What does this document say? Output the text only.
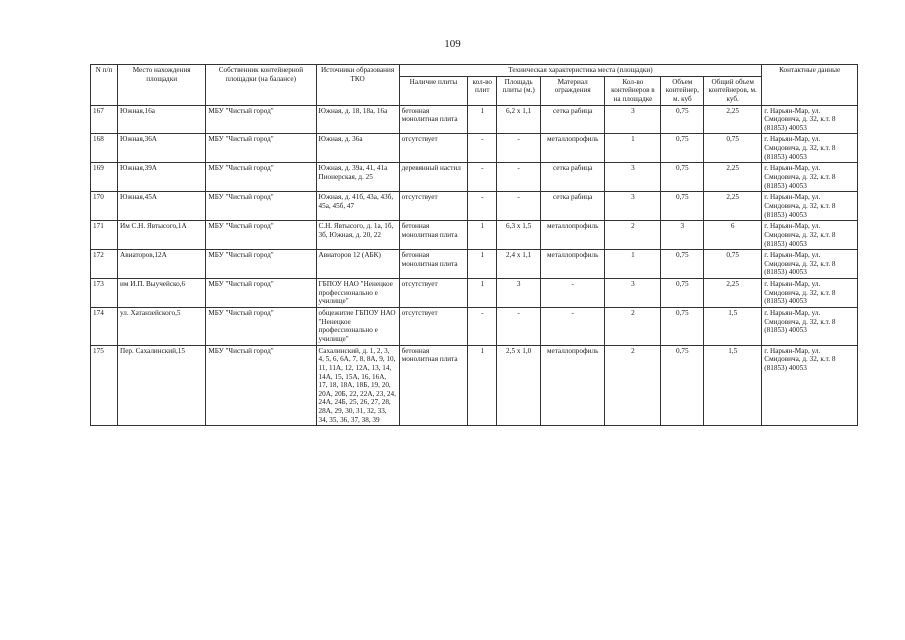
109
N п/п	Место нахождения площадки	Собственник контейнерной площадки (на балансе)	Источники образования ТКО	Техническая характеристика места (площадки)							Контактные данные
				Наличие плиты	кол-во плит	Площадь плиты (м.)	Материал ограждения	Кол-во контейнеров в на площадке	Объем контейнер, м. куб	Общий объем контейнеров, м. куб.	
167	Южная,16а	МБУ "Чистый город"	Южная, д. 18, 18а, 16а	бетонная монолитная плита	1	6,2 x 1,1	сетка рабица	3	0,75	2,25	г. Нарьян-Мар, ул. Смидовича, д. 32, к.т. 8 (81853) 40053
168	Южная,36А	МБУ "Чистый город"	Южная, д. 36а	отсутствует	-	-	металлопрофиль	1	0,75	0,75	г. Нарьян-Мар, ул. Смидовича, д. 32, к.т. 8 (81853) 40053
169	Южная,39А	МБУ "Чистый город"	Южная, д. 39а, 41, 41а Пионерская, д. 25	деревянный настил	-	-	сетка рабица	3	0,75	2,25	г. Нарьян-Мар, ул. Смидовича, д. 32, к.т. 8 (81853) 40053
170	Южная,45А	МБУ "Чистый город"	Южная, д. 41б, 43а, 43б, 45а, 45б, 47	отсутствует	-	-	сетка рабица	3	0,75	2,25	г. Нарьян-Мар, ул. Смидовича, д. 32, к.т. 8 (81853) 40053
171	Им С.Н. Явтысого,1А	МБУ "Чистый город"	С.Н. Явтысого, д. 1а, 1б, 3б, Южная, д. 20, 22	бетонная монолитная плита	1	6,3 x 1,5	металлопрофиль	2	3	6	г. Нарьян-Мар, ул. Смидовича, д. 32, к.т. 8 (81853) 40053
172	Авиаторов,12А	МБУ "Чистый город"	Авиаторов 12 (АБК)	бетонная монолитная плита	1	2,4 x 1,1	металлопрофиль	1	0,75	0,75	г. Нарьян-Мар, ул. Смидовича, д. 32, к.т. 8 (81853) 40053
173	им И.П. Выучейско,6	МБУ "Чистый город"	ГБПОУ НАО "Ненецкое профессионально е училище"	отсутствует	1	3	-	3	0,75	2,25	г. Нарьян-Мар, ул. Смидовича, д. 32, к.т. 8 (81853) 40053
174	ул. Хатанзейского,5	МБУ "Чистый город"	общежитие ГБПОУ НАО "Ненецкое профессионально е училище"	отсутствует	-	-	-	2	0,75	1,5	г. Нарьян-Мар, ул. Смидовича, д. 32, к.т. 8 (81853) 40053
175	Пер. Сахалинский,15	МБУ "Чистый город"	Сахалинский, д. 1, 2, 3, 4, 5, 6, 6А, 7, 8, 8А, 9, 10, 11, 11А, 12, 12А, 13, 14, 14А, 15, 15А, 16, 16А, 17, 18, 18А, 18Б, 19, 20, 20А, 20Б, 22, 22А, 23, 24, 24А, 24Б, 25, 26, 27, 28, 28А, 29, 30, 31, 32, 33, 34, 35, 36, 37, 38, 39	бетонная монолитная плита	1	2,5 x 1,0	металлопрофиль	2	0,75	1,5	г. Нарьян-Мар, ул. Смидовича, д. 32, к.т. 8 (81853) 40053
